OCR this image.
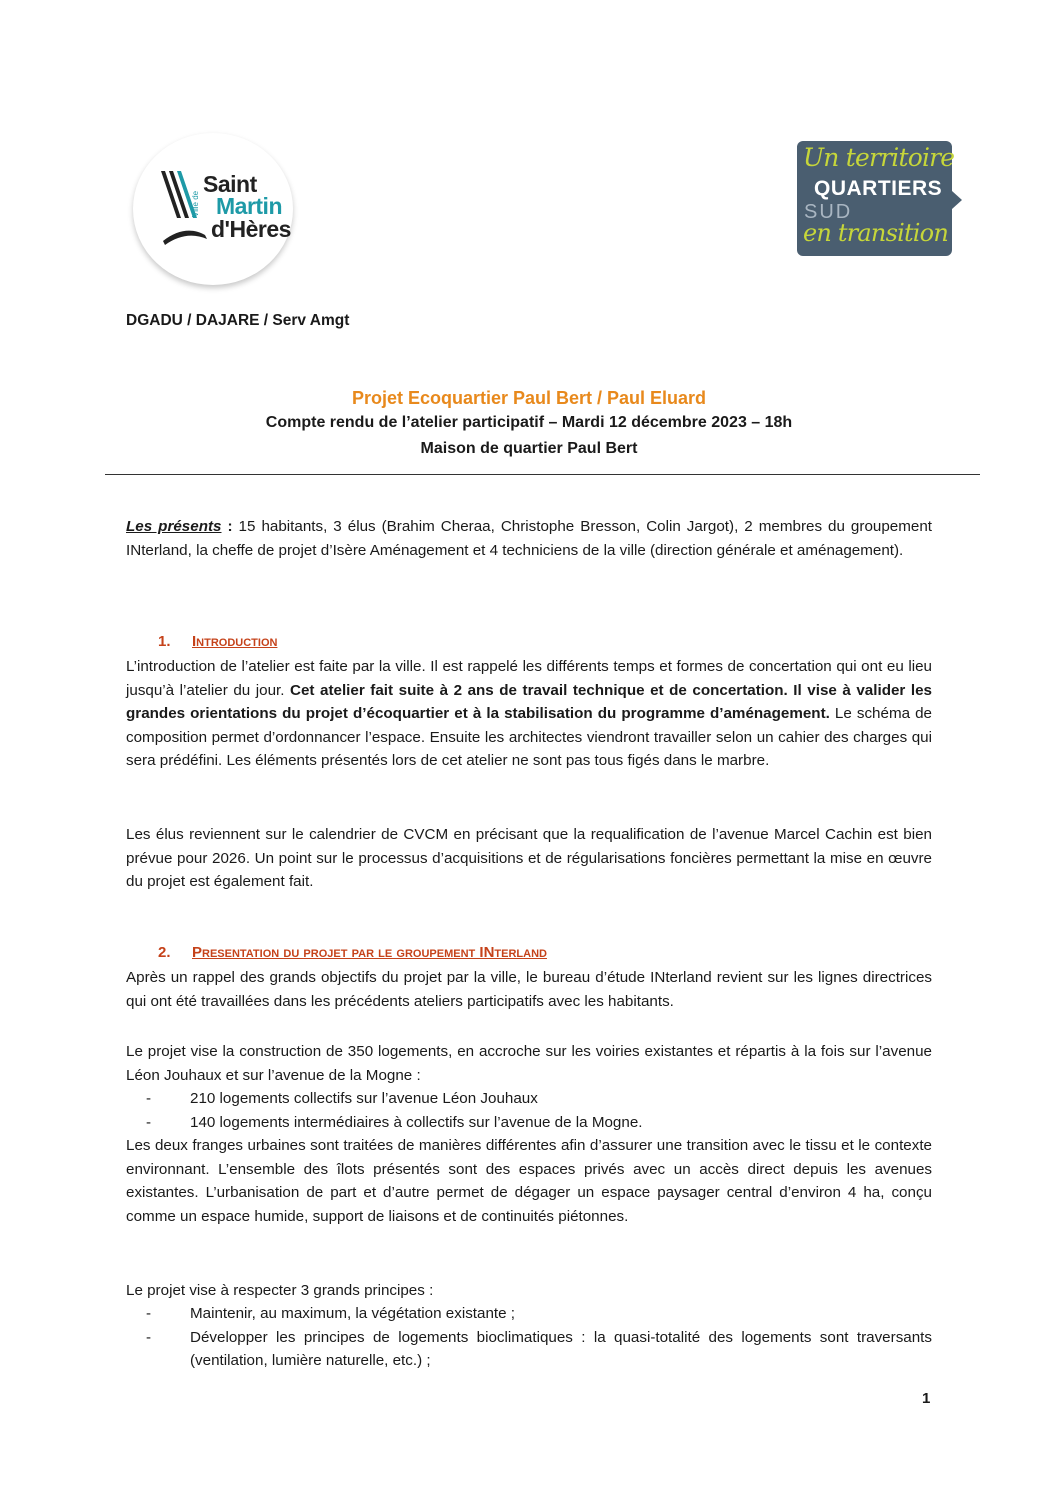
Saint
Martin
d'Hères
Ville de
Un territoire
QUARTIERS
SUD
en transition
DGADU / DAJARE / Serv Amgt
Projet Ecoquartier Paul Bert / Paul Eluard
Compte rendu de l’atelier participatif – Mardi 12 décembre 2023 – 18h
Maison de quartier Paul Bert
Les présents : 15 habitants, 3 élus (Brahim Cheraa, Christophe Bresson, Colin Jargot), 2 membres du groupement INterland, la cheffe de projet d’Isère Aménagement et 4 techniciens de la ville (direction générale et aménagement).
1. Introduction
L’introduction de l’atelier est faite par la ville. Il est rappelé les différents temps et formes de concertation qui ont eu lieu jusqu’à l’atelier du jour. Cet atelier fait suite à 2 ans de travail technique et de concertation. Il vise à valider les grandes orientations du projet d’écoquartier et à la stabilisation du programme d’aménagement. Le schéma de composition permet d’ordonnancer l’espace. Ensuite les architectes viendront travailler selon un cahier des charges qui sera prédéfini. Les éléments présentés lors de cet atelier ne sont pas tous figés dans le marbre.
Les élus reviennent sur le calendrier de CVCM en précisant que la requalification de l’avenue Marcel Cachin est bien prévue pour 2026. Un point sur le processus d’acquisitions et de régularisations foncières permettant la mise en œuvre du projet est également fait.
2. Presentation du projet par le groupement INterland
Après un rappel des grands objectifs du projet par la ville, le bureau d’étude INterland revient sur les lignes directrices qui ont été travaillées dans les précédents ateliers participatifs avec les habitants.
Le projet vise la construction de 350 logements, en accroche sur les voiries existantes et répartis à la fois sur l’avenue Léon Jouhaux et sur l’avenue de la Mogne :
-	210 logements collectifs sur l’avenue Léon Jouhaux
-	140 logements intermédiaires à collectifs sur l’avenue de la Mogne.
Les deux franges urbaines sont traitées de manières différentes afin d’assurer une transition avec le tissu et le contexte environnant. L’ensemble des îlots présentés sont des espaces privés avec un accès direct depuis les avenues existantes. L’urbanisation de part et d’autre permet de dégager un espace paysager central d’environ 4 ha, conçu comme un espace humide, support de liaisons et de continuités piétonnes.
Le projet vise à respecter 3 grands principes :
-	Maintenir, au maximum, la végétation existante ;
-	Développer les principes de logements bioclimatiques : la quasi-totalité des logements sont traversants (ventilation, lumière naturelle, etc.) ;
1
